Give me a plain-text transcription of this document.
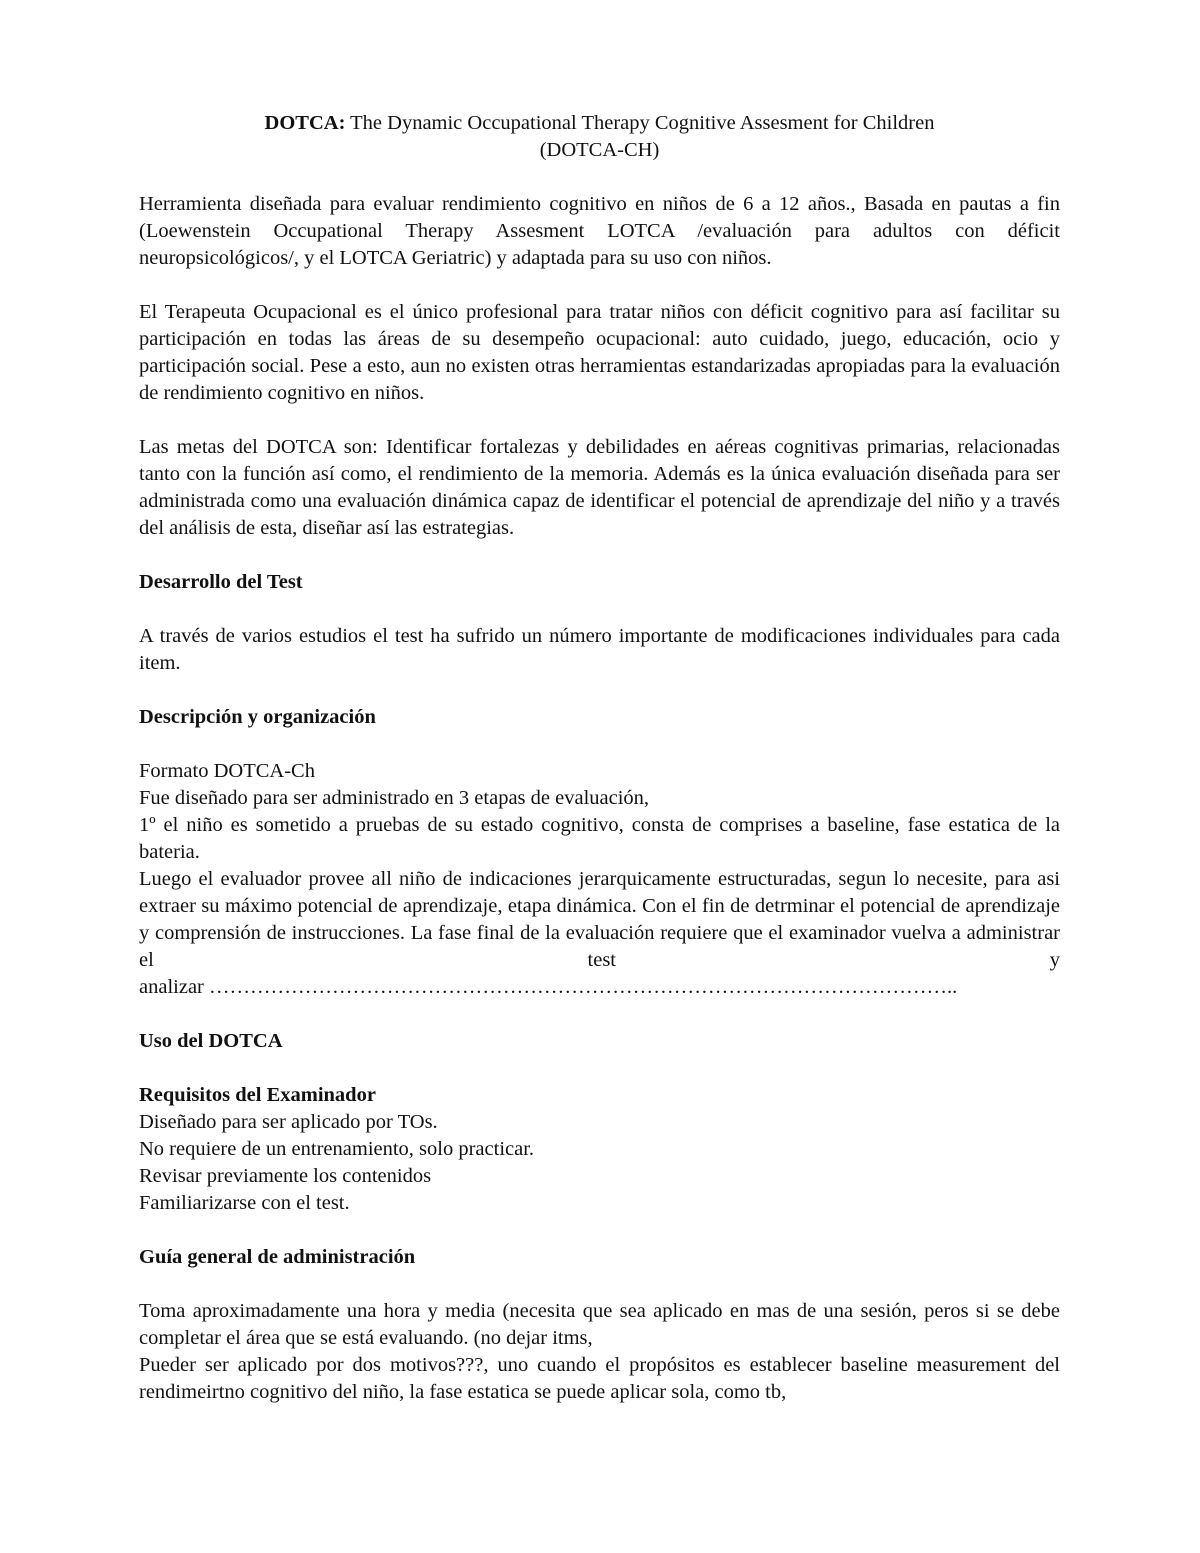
DOTCA: The Dynamic Occupational Therapy Cognitive Assesment for Children
(DOTCA-CH)

Herramienta diseñada para evaluar rendimiento cognitivo en niños de 6 a 12 años., Basada en pautas a fin (Loewenstein Occupational Therapy Assesment LOTCA /evaluación para adultos con déficit neuropsicológicos/, y el LOTCA Geriatric) y adaptada para su uso con niños.

El Terapeuta Ocupacional es el único profesional para tratar niños con déficit cognitivo para así facilitar su participación en todas las áreas de su desempeño ocupacional: auto cuidado, juego, educación, ocio y participación social. Pese a esto, aun no existen otras herramientas estandarizadas apropiadas para la evaluación de rendimiento cognitivo en niños.

Las metas del DOTCA son: Identificar fortalezas y debilidades en aéreas cognitivas primarias, relacionadas tanto con la función así como, el rendimiento de la memoria. Además es la única evaluación diseñada para ser administrada como una evaluación dinámica capaz de identificar el potencial de aprendizaje del niño y a través del análisis de esta, diseñar así las estrategias.

Desarrollo del Test

A través de varios estudios el test ha sufrido un número importante de modificaciones individuales para cada item.

Descripción y organización
Formato DOTCA-Ch
Fue diseñado para ser administrado en 3 etapas de evaluación,
1º el niño es sometido a pruebas de su estado cognitivo, consta de comprises a baseline, fase estatica de la bateria.
Luego el evaluador provee all niño de indicaciones jerarquicamente estructuradas, segun lo necesite, para asi extraer su máximo potencial de aprendizaje, etapa dinámica. Con el fin de detrminar el potencial de aprendizaje y comprensión de instrucciones. La fase final de la evaluación requiere que el examinador vuelva a administrar el test y
analizar ………………………………………………………………………………………………..
Uso del DOTCA
Requisitos del Examinador
Diseñado para ser aplicado por TOs.
No requiere de un entrenamiento, solo practicar.
Revisar previamente los contenidos
Familiarizarse con el test.
Guía general de administración
Toma aproximadamente una hora y media (necesita que sea aplicado en mas de una sesión, peros si se debe completar el área que se está evaluando. (no dejar itms,
Pueder ser aplicado por dos motivos???, uno cuando el propósitos es establecer baseline measurement del rendimeirtno cognitivo del niño, la fase estatica se puede aplicar sola, como tb,
